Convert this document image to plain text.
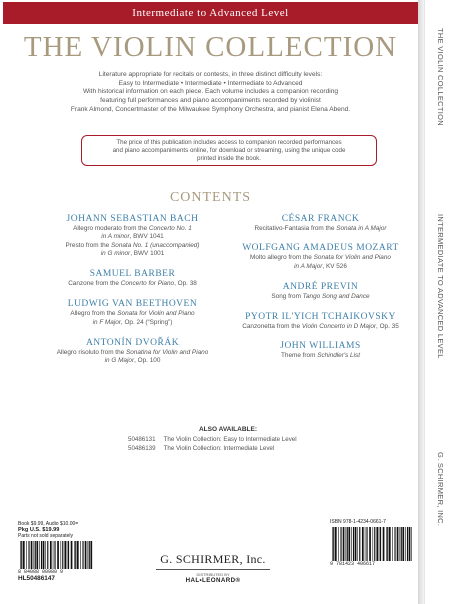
Intermediate to Advanced Level
THE VIOLIN COLLECTION
Literature appropriate for recitals or contests, in three distinct difficulty levels:
Easy to Intermediate • Intermediate • Intermediate to Advanced
With historical information on each piece. Each volume includes a companion recording
featuring full performances and piano accompaniments recorded by violinist
Frank Almond, Concertmaster of the Milwaukee Symphony Orchestra, and pianist Elena Abend.
The price of this publication includes access to companion recorded performances
and piano accompaniments online, for download or streaming, using the unique code
printed inside the book.
CONTENTS
JOHANN SEBASTIAN BACH
Allegro moderato from the Concerto No. 1
in A minor, BWV 1041
Presto from the Sonata No. 1 (unaccompanied)
in G minor, BWV 1001
SAMUEL BARBER
Canzone from the Concerto for Piano, Op. 38
LUDWIG VAN BEETHOVEN
Allegro from the Sonata for Violin and Piano
in F Major, Op. 24 (“Spring”)
ANTONÍN DVOŘÁK
Allegro risoluto from the Sonatina for Violin and Piano
in G Major, Op. 100
CÉSAR FRANCK
Recitativo-Fantasia from the Sonata in A Major
WOLFGANG AMADEUS MOZART
Molto allegro from the Sonata for Violin and Piano
in A Major, KV 526
ANDRÉ PREVIN
Song from Tango Song and Dance
PYOTR IL'YICH TCHAIKOVSKY
Canzonetta from the Violin Concerto in D Major, Op. 35
JOHN WILLIAMS
Theme from Schindler's List
ALSO AVAILABLE:
50486131 The Violin Collection: Easy to Intermediate Level
50486139 The Violin Collection: Intermediate Level
Book $9.99, Audio $10.00=
Pkg U.S. $19.99
Parts not sold separately
8 84088 00980 9
HL50486147
G. SCHIRMER, Inc.
DISTRIBUTED BY
HAL•LEONARD®
ISBN 978-1-4234-0661-7
9 781423 406617
THE VIOLIN COLLECTION
INTERMEDIATE TO ADVANCED LEVEL
G. SCHIRMER, INC.
